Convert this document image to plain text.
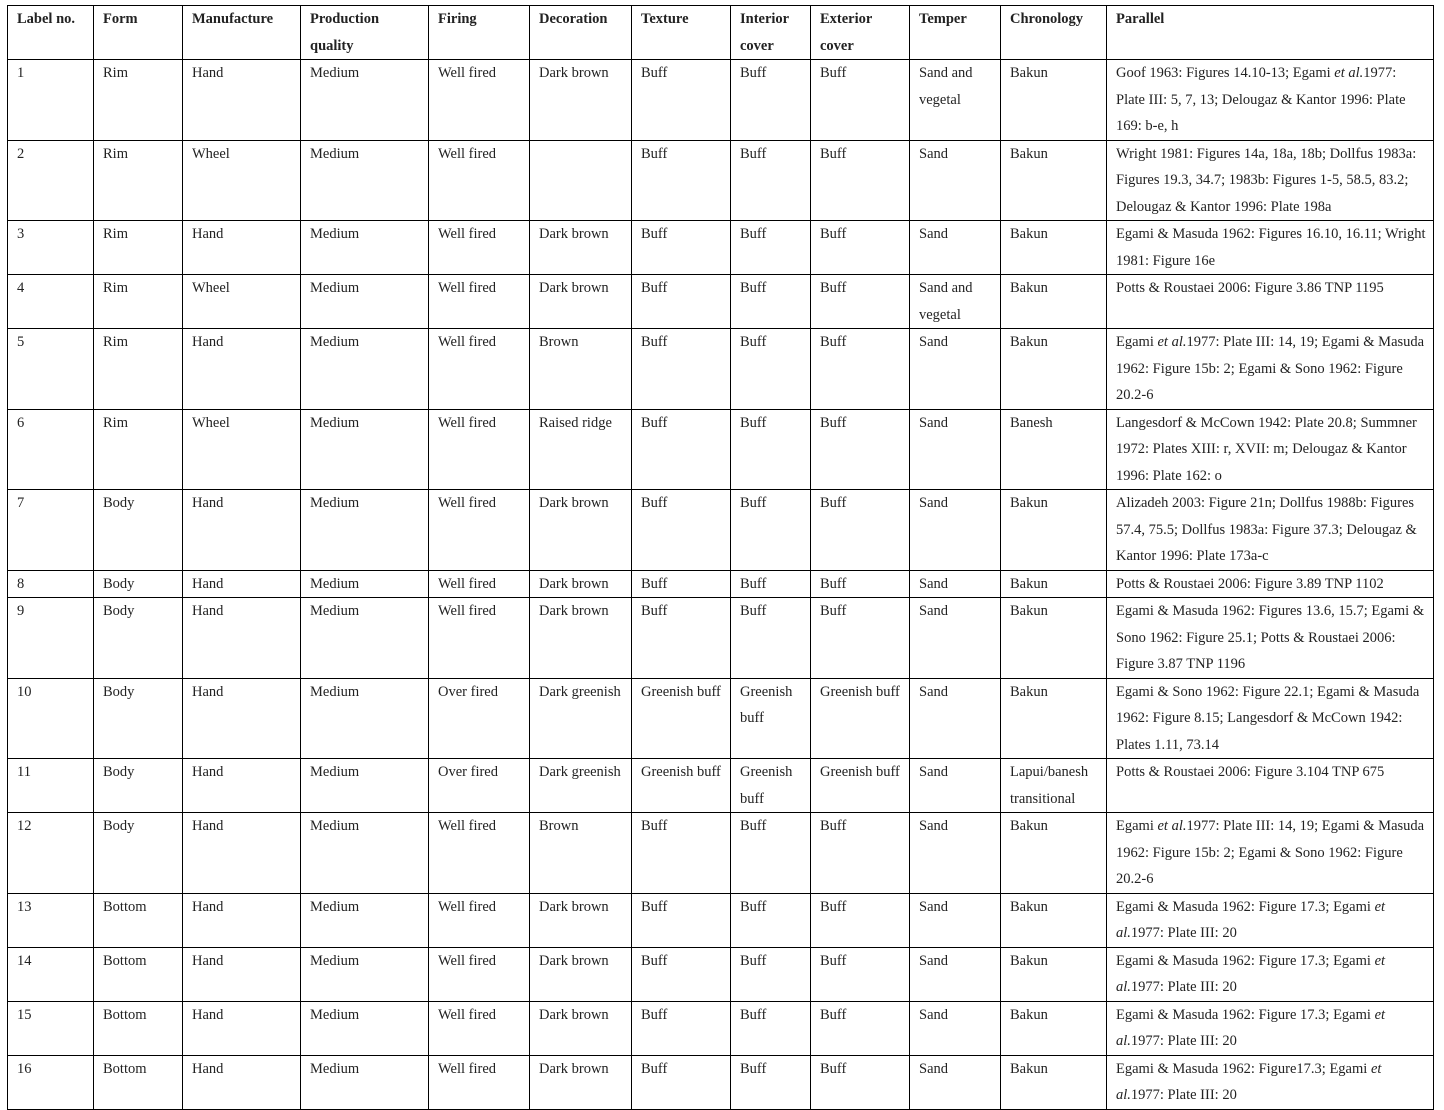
Label no.	Form	Manufacture	Production quality	Firing	Decoration	Texture	Interior cover	Exterior cover	Temper	Chronology	Parallel
1	Rim	Hand	Medium	Well fired	Dark brown	Buff	Buff	Buff	Sand and vegetal	Bakun	Goof 1963: Figures 14.10-13; Egami et al.1977: Plate III: 5, 7, 13; Delougaz & Kantor 1996: Plate 169: b-e, h
2	Rim	Wheel	Medium	Well fired		Buff	Buff	Buff	Sand	Bakun	Wright 1981: Figures 14a, 18a, 18b; Dollfus 1983a: Figures 19.3, 34.7; 1983b: Figures 1-5, 58.5, 83.2; Delougaz & Kantor 1996: Plate 198a
3	Rim	Hand	Medium	Well fired	Dark brown	Buff	Buff	Buff	Sand	Bakun	Egami & Masuda 1962: Figures 16.10, 16.11; Wright 1981: Figure 16e
4	Rim	Wheel	Medium	Well fired	Dark brown	Buff	Buff	Buff	Sand and vegetal	Bakun	Potts & Roustaei 2006: Figure 3.86 TNP 1195
5	Rim	Hand	Medium	Well fired	Brown	Buff	Buff	Buff	Sand	Bakun	Egami et al.1977: Plate III: 14, 19; Egami & Masuda 1962: Figure 15b: 2; Egami & Sono 1962: Figure 20.2-6
6	Rim	Wheel	Medium	Well fired	Raised ridge	Buff	Buff	Buff	Sand	Banesh	Langesdorf & McCown 1942: Plate 20.8; Summner 1972: Plates XIII: r, XVII: m; Delougaz & Kantor 1996: Plate 162: o
7	Body	Hand	Medium	Well fired	Dark brown	Buff	Buff	Buff	Sand	Bakun	Alizadeh 2003: Figure 21n; Dollfus 1988b: Figures 57.4, 75.5; Dollfus 1983a: Figure 37.3; Delougaz & Kantor 1996: Plate 173a-c
8	Body	Hand	Medium	Well fired	Dark brown	Buff	Buff	Buff	Sand	Bakun	Potts & Roustaei 2006: Figure 3.89 TNP 1102
9	Body	Hand	Medium	Well fired	Dark brown	Buff	Buff	Buff	Sand	Bakun	Egami & Masuda 1962: Figures 13.6, 15.7; Egami & Sono 1962: Figure 25.1; Potts & Roustaei 2006: Figure 3.87 TNP 1196
10	Body	Hand	Medium	Over fired	Dark greenish	Greenish buff	Greenish buff	Greenish buff	Sand	Bakun	Egami & Sono 1962: Figure 22.1; Egami & Masuda 1962: Figure 8.15; Langesdorf & McCown 1942: Plates 1.11, 73.14
11	Body	Hand	Medium	Over fired	Dark greenish	Greenish buff	Greenish buff	Greenish buff	Sand	Lapui/banesh transitional	Potts & Roustaei 2006: Figure 3.104 TNP 675
12	Body	Hand	Medium	Well fired	Brown	Buff	Buff	Buff	Sand	Bakun	Egami et al.1977: Plate III: 14, 19; Egami & Masuda 1962: Figure 15b: 2; Egami & Sono 1962: Figure 20.2-6
13	Bottom	Hand	Medium	Well fired	Dark brown	Buff	Buff	Buff	Sand	Bakun	Egami & Masuda 1962: Figure 17.3; Egami et al.1977: Plate III: 20
14	Bottom	Hand	Medium	Well fired	Dark brown	Buff	Buff	Buff	Sand	Bakun	Egami & Masuda 1962: Figure 17.3; Egami et al.1977: Plate III: 20
15	Bottom	Hand	Medium	Well fired	Dark brown	Buff	Buff	Buff	Sand	Bakun	Egami & Masuda 1962: Figure 17.3; Egami et al.1977: Plate III: 20
16	Bottom	Hand	Medium	Well fired	Dark brown	Buff	Buff	Buff	Sand	Bakun	Egami & Masuda 1962: Figure17.3; Egami et al.1977: Plate III: 20
